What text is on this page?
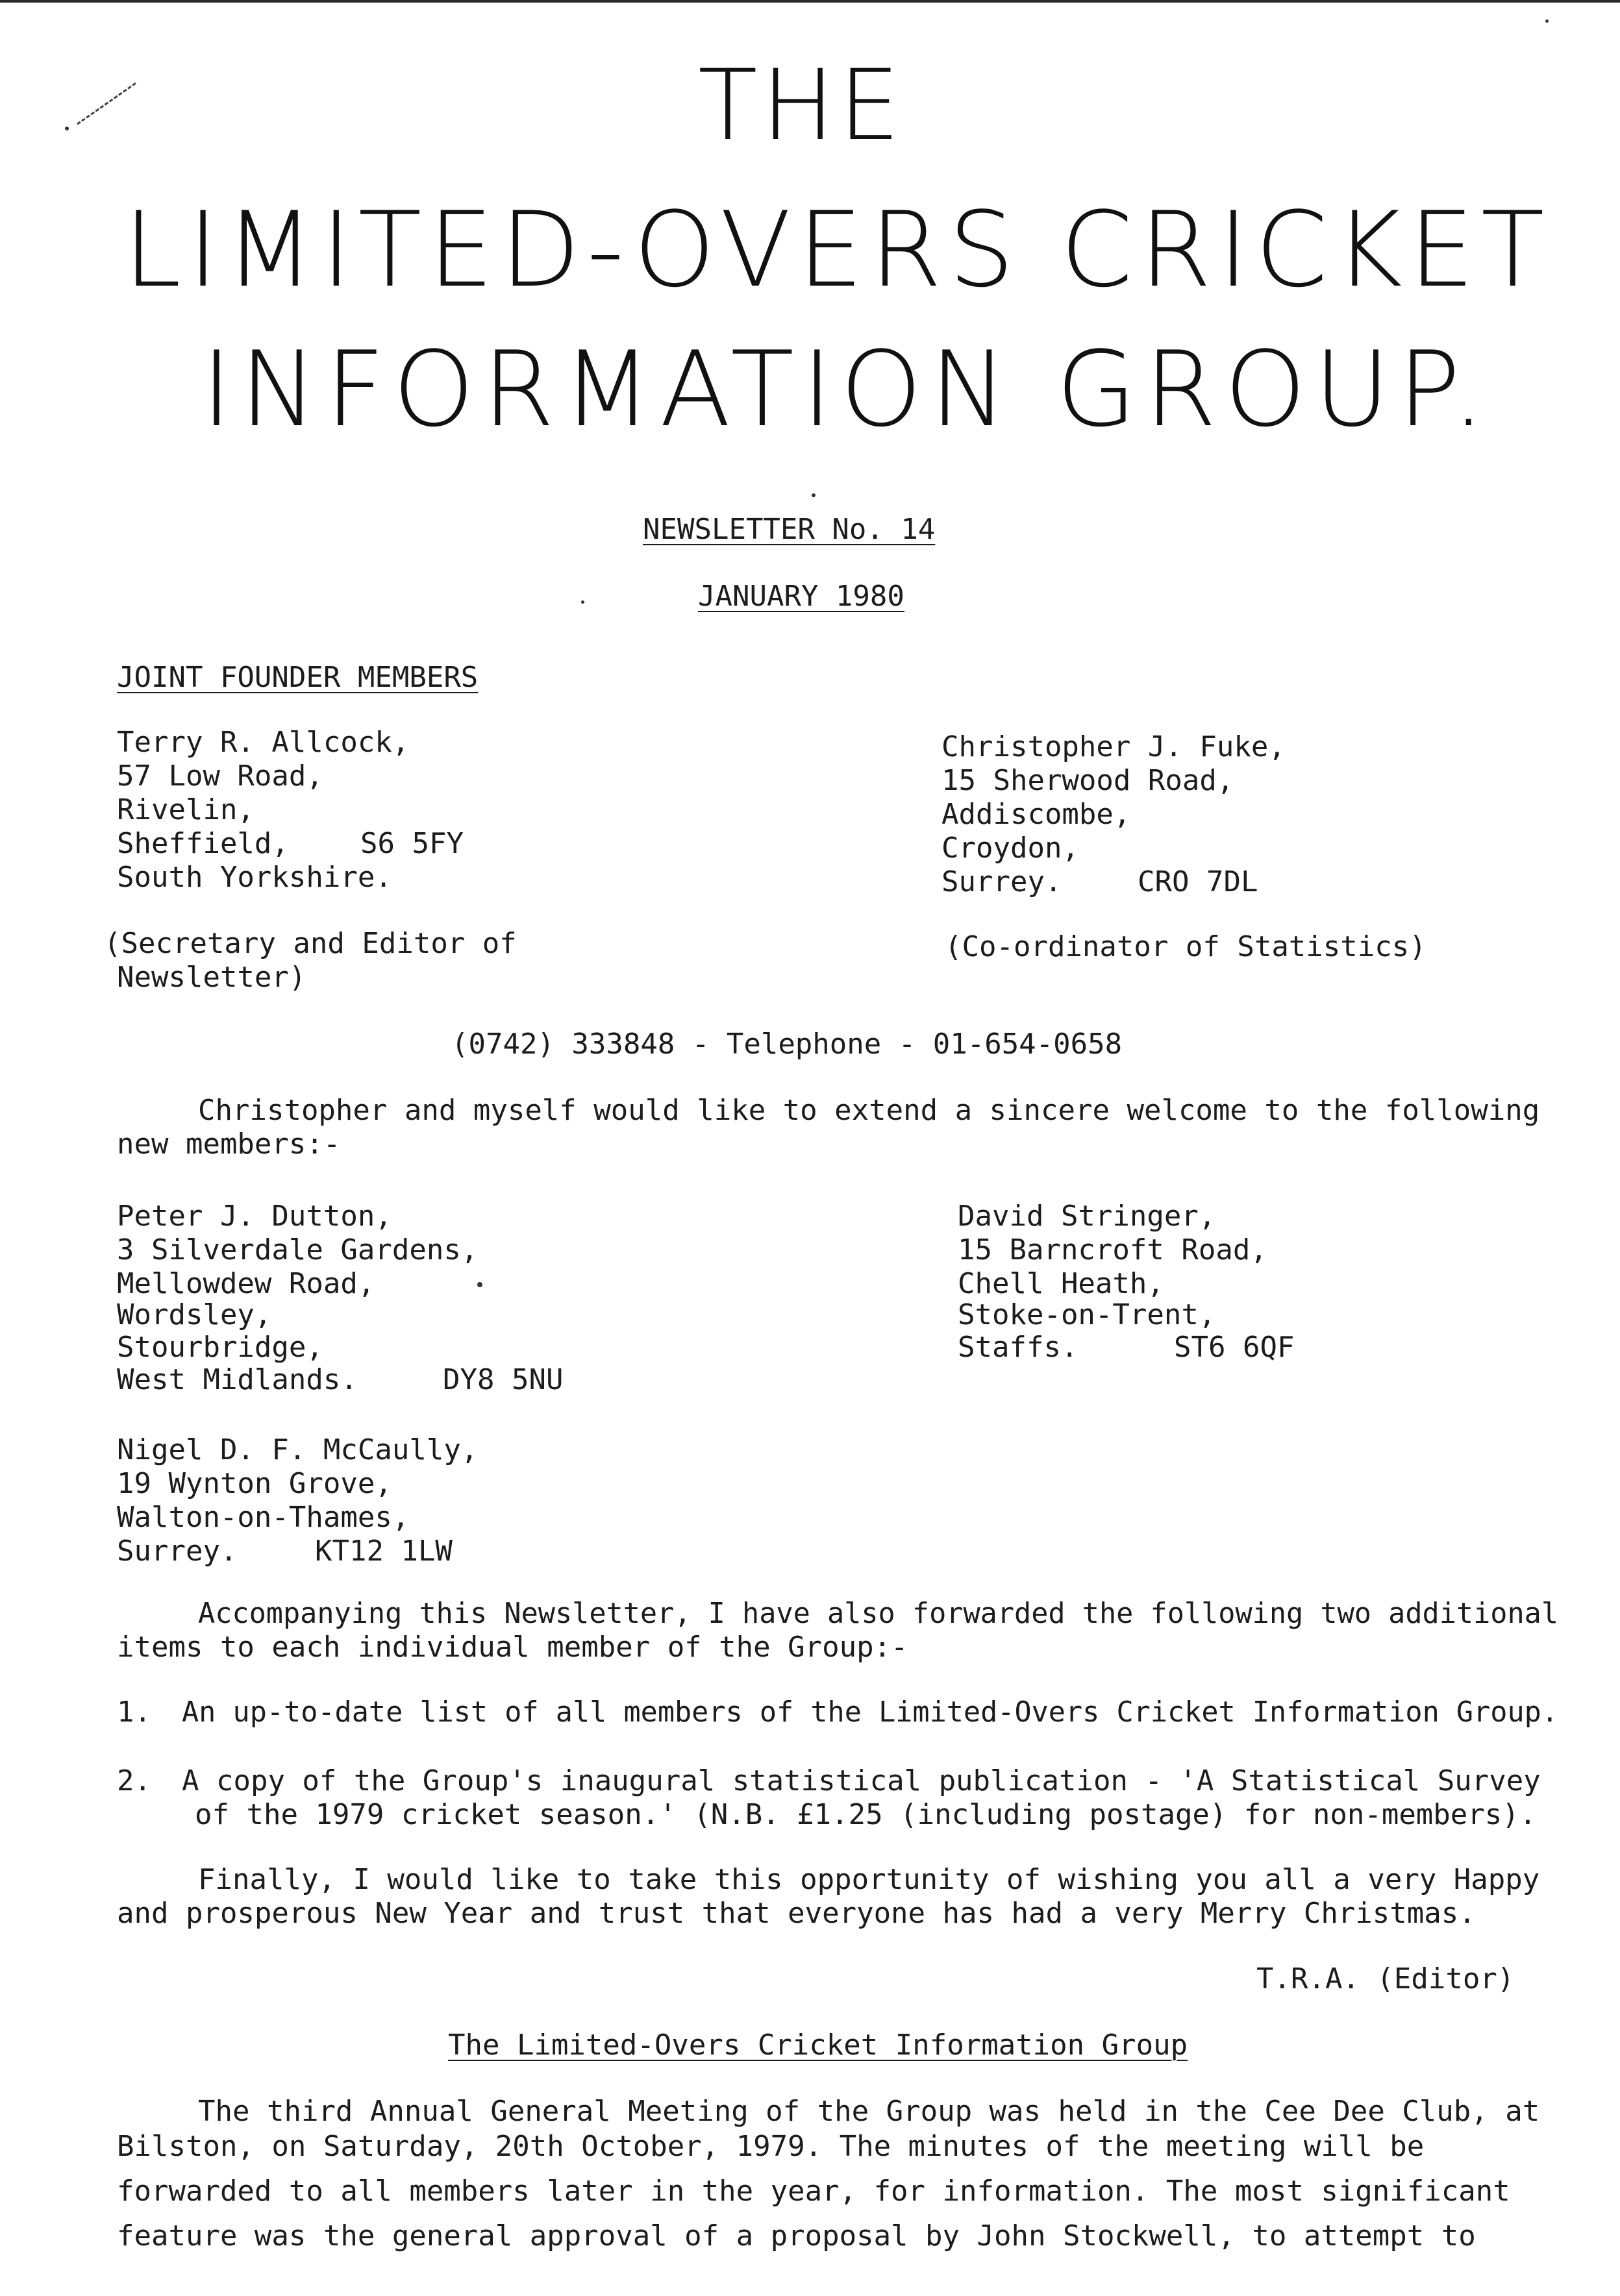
THE
LIMITED-OVERS CRICKET
INFORMATION GROUP.
NEWSLETTER No. 14
JANUARY 1980
JOINT FOUNDER MEMBERS
Terry R. Allcock,
57 Low Road,
Rivelin,
Sheffield,	S6 5FY
South Yorkshire.
(Secretary and Editor of
Newsletter)
Christopher J. Fuke,
15 Sherwood Road,
Addiscombe,
Croydon,
Surrey.	CRO 7DL
(Co-ordinator of Statistics)
(0742) 333848 - Telephone - 01-654-0658
Christopher and myself would like to extend a sincere welcome to the following
new members:-
Peter J. Dutton,
3 Silverdale Gardens,
Mellowdew Road,
Wordsley,
Stourbridge,
West Midlands.	DY8 5NU
David Stringer,
15 Barncroft Road,
Chell Heath,
Stoke-on-Trent,
Staffs.	ST6 6QF
Nigel D. F. McCaully,
19 Wynton Grove,
Walton-on-Thames,
Surrey.	KT12 1LW
Accompanying this Newsletter, I have also forwarded the following two additional
items to each individual member of the Group:-
1. An up-to-date list of all members of the Limited-Overs Cricket Information Group.
2. A copy of the Group's inaugural statistical publication - 'A Statistical Survey
of the 1979 cricket season.' (N.B. £1.25 (including postage) for non-members).
Finally, I would like to take this opportunity of wishing you all a very Happy
and prosperous New Year and trust that everyone has had a very Merry Christmas.
T.R.A. (Editor)
The Limited-Overs Cricket Information Group
The third Annual General Meeting of the Group was held in the Cee Dee Club, at
Bilston, on Saturday, 20th October, 1979. The minutes of the meeting will be
forwarded to all members later in the year, for information. The most significant
feature was the general approval of a proposal by John Stockwell, to attempt to
